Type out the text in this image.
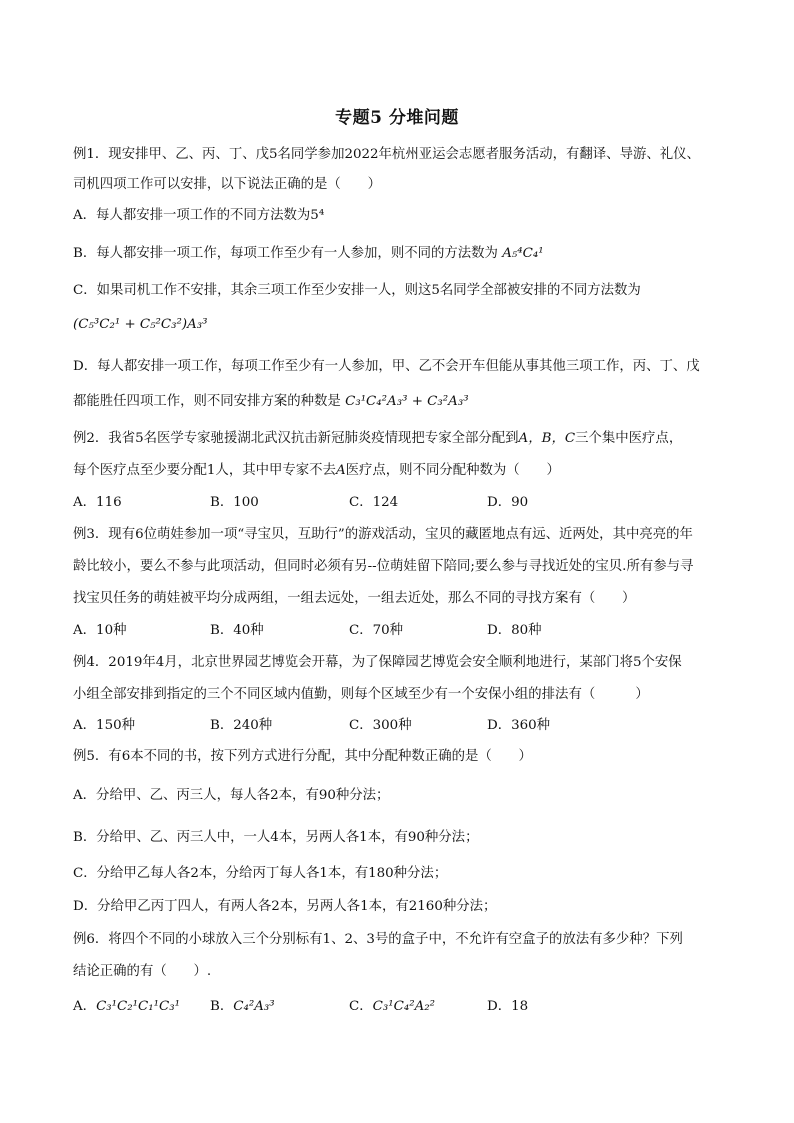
专题5 分堆问题
例1．现安排甲、乙、丙、丁、戊5名同学参加2022年杭州亚运会志愿者服务活动，有翻译、导游、礼仪、
司机四项工作可以安排，以下说法正确的是（　　）
A．每人都安排一项工作的不同方法数为5⁴
B．每人都安排一项工作，每项工作至少有一人参加，则不同的方法数为 A₅⁴C₄¹
C．如果司机工作不安排，其余三项工作至少安排一人，则这5名同学全部被安排的不同方法数为
(C₅³C₂¹ + C₅²C₃²)A₃³
D．每人都安排一项工作，每项工作至少有一人参加，甲、乙不会开车但能从事其他三项工作，丙、丁、戊
都能胜任四项工作，则不同安排方案的种数是 C₃¹C₄²A₃³ + C₃²A₃³
例2．我省5名医学专家驰援湖北武汉抗击新冠肺炎疫情现把专家全部分配到A，B，C三个集中医疗点，
每个医疗点至少要分配1人，其中甲专家不去A医疗点，则不同分配种数为（　　）
A．116	B．100	C．124	D．90
例3．现有6位萌娃参加一项“寻宝贝，互助行”的游戏活动，宝贝的藏匿地点有远、近两处，其中亮亮的年
龄比较小，要么不参与此项活动，但同时必须有另--位萌娃留下陪同;要么参与寻找近处的宝贝.所有参与寻
找宝贝任务的萌娃被平均分成两组，一组去远处，一组去近处，那么不同的寻找方案有（　　）
A．10种	B．40种	C．70种	D．80种
例4．2019年4月，北京世界园艺博览会开幕，为了保障园艺博览会安全顺利地进行，某部门将5个安保
小组全部安排到指定的三个不同区域内值勤，则每个区域至少有一个安保小组的排法有（　　　）
A．150种	B．240种	C．300种	D．360种
例5．有6本不同的书，按下列方式进行分配，其中分配种数正确的是（　　）
A．分给甲、乙、丙三人，每人各2本，有90种分法；
B．分给甲、乙、丙三人中，一人4本，另两人各1本，有90种分法；
C．分给甲乙每人各2本，分给丙丁每人各1本，有180种分法；
D．分给甲乙丙丁四人，有两人各2本，另两人各1本，有2160种分法；
例6．将四个不同的小球放入三个分别标有1、2、3号的盒子中，不允许有空盒子的放法有多少种？下列
结论正确的有（　　）.
A．C₃¹C₂¹C₁¹C₃¹ B．C₄²A₃³	C．C₃¹C₄²A₂²	D．18
